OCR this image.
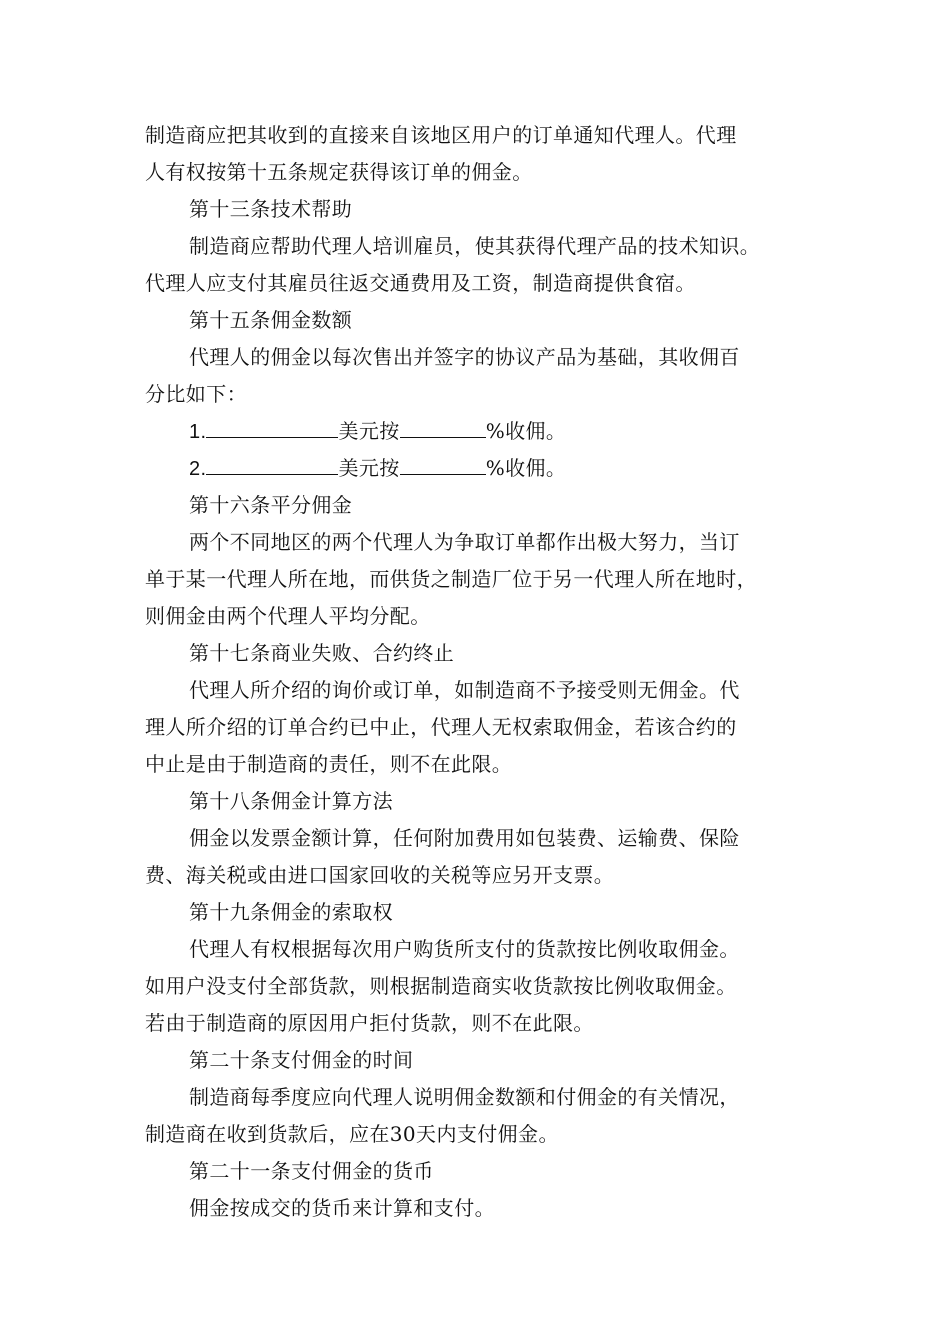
制造商应把其收到的直接来自该地区用户的订单通知代理人。代理
人有权按第十五条规定获得该订单的佣金。
第十三条技术帮助
制造商应帮助代理人培训雇员，使其获得代理产品的技术知识。
代理人应支付其雇员往返交通费用及工资，制造商提供食宿。
第十五条佣金数额
代理人的佣金以每次售出并签字的协议产品为基础，其收佣百
分比如下：
1.	美元按	%收佣。
2.	美元按	%收佣。
第十六条平分佣金
两个不同地区的两个代理人为争取订单都作出极大努力，当订
单于某一代理人所在地，而供货之制造厂位于另一代理人所在地时，
则佣金由两个代理人平均分配。
第十七条商业失败、合约终止
代理人所介绍的询价或订单，如制造商不予接受则无佣金。代
理人所介绍的订单合约已中止，代理人无权索取佣金，若该合约的
中止是由于制造商的责任，则不在此限。
第十八条佣金计算方法
佣金以发票金额计算，任何附加费用如包装费、运输费、保险
费、海关税或由进口国家回收的关税等应另开支票。
第十九条佣金的索取权
代理人有权根据每次用户购货所支付的货款按比例收取佣金。
如用户没支付全部货款，则根据制造商实收货款按比例收取佣金。
若由于制造商的原因用户拒付货款，则不在此限。
第二十条支付佣金的时间
制造商每季度应向代理人说明佣金数额和付佣金的有关情况，
制造商在收到货款后，应在30天内支付佣金。
第二十一条支付佣金的货币
佣金按成交的货币来计算和支付。
